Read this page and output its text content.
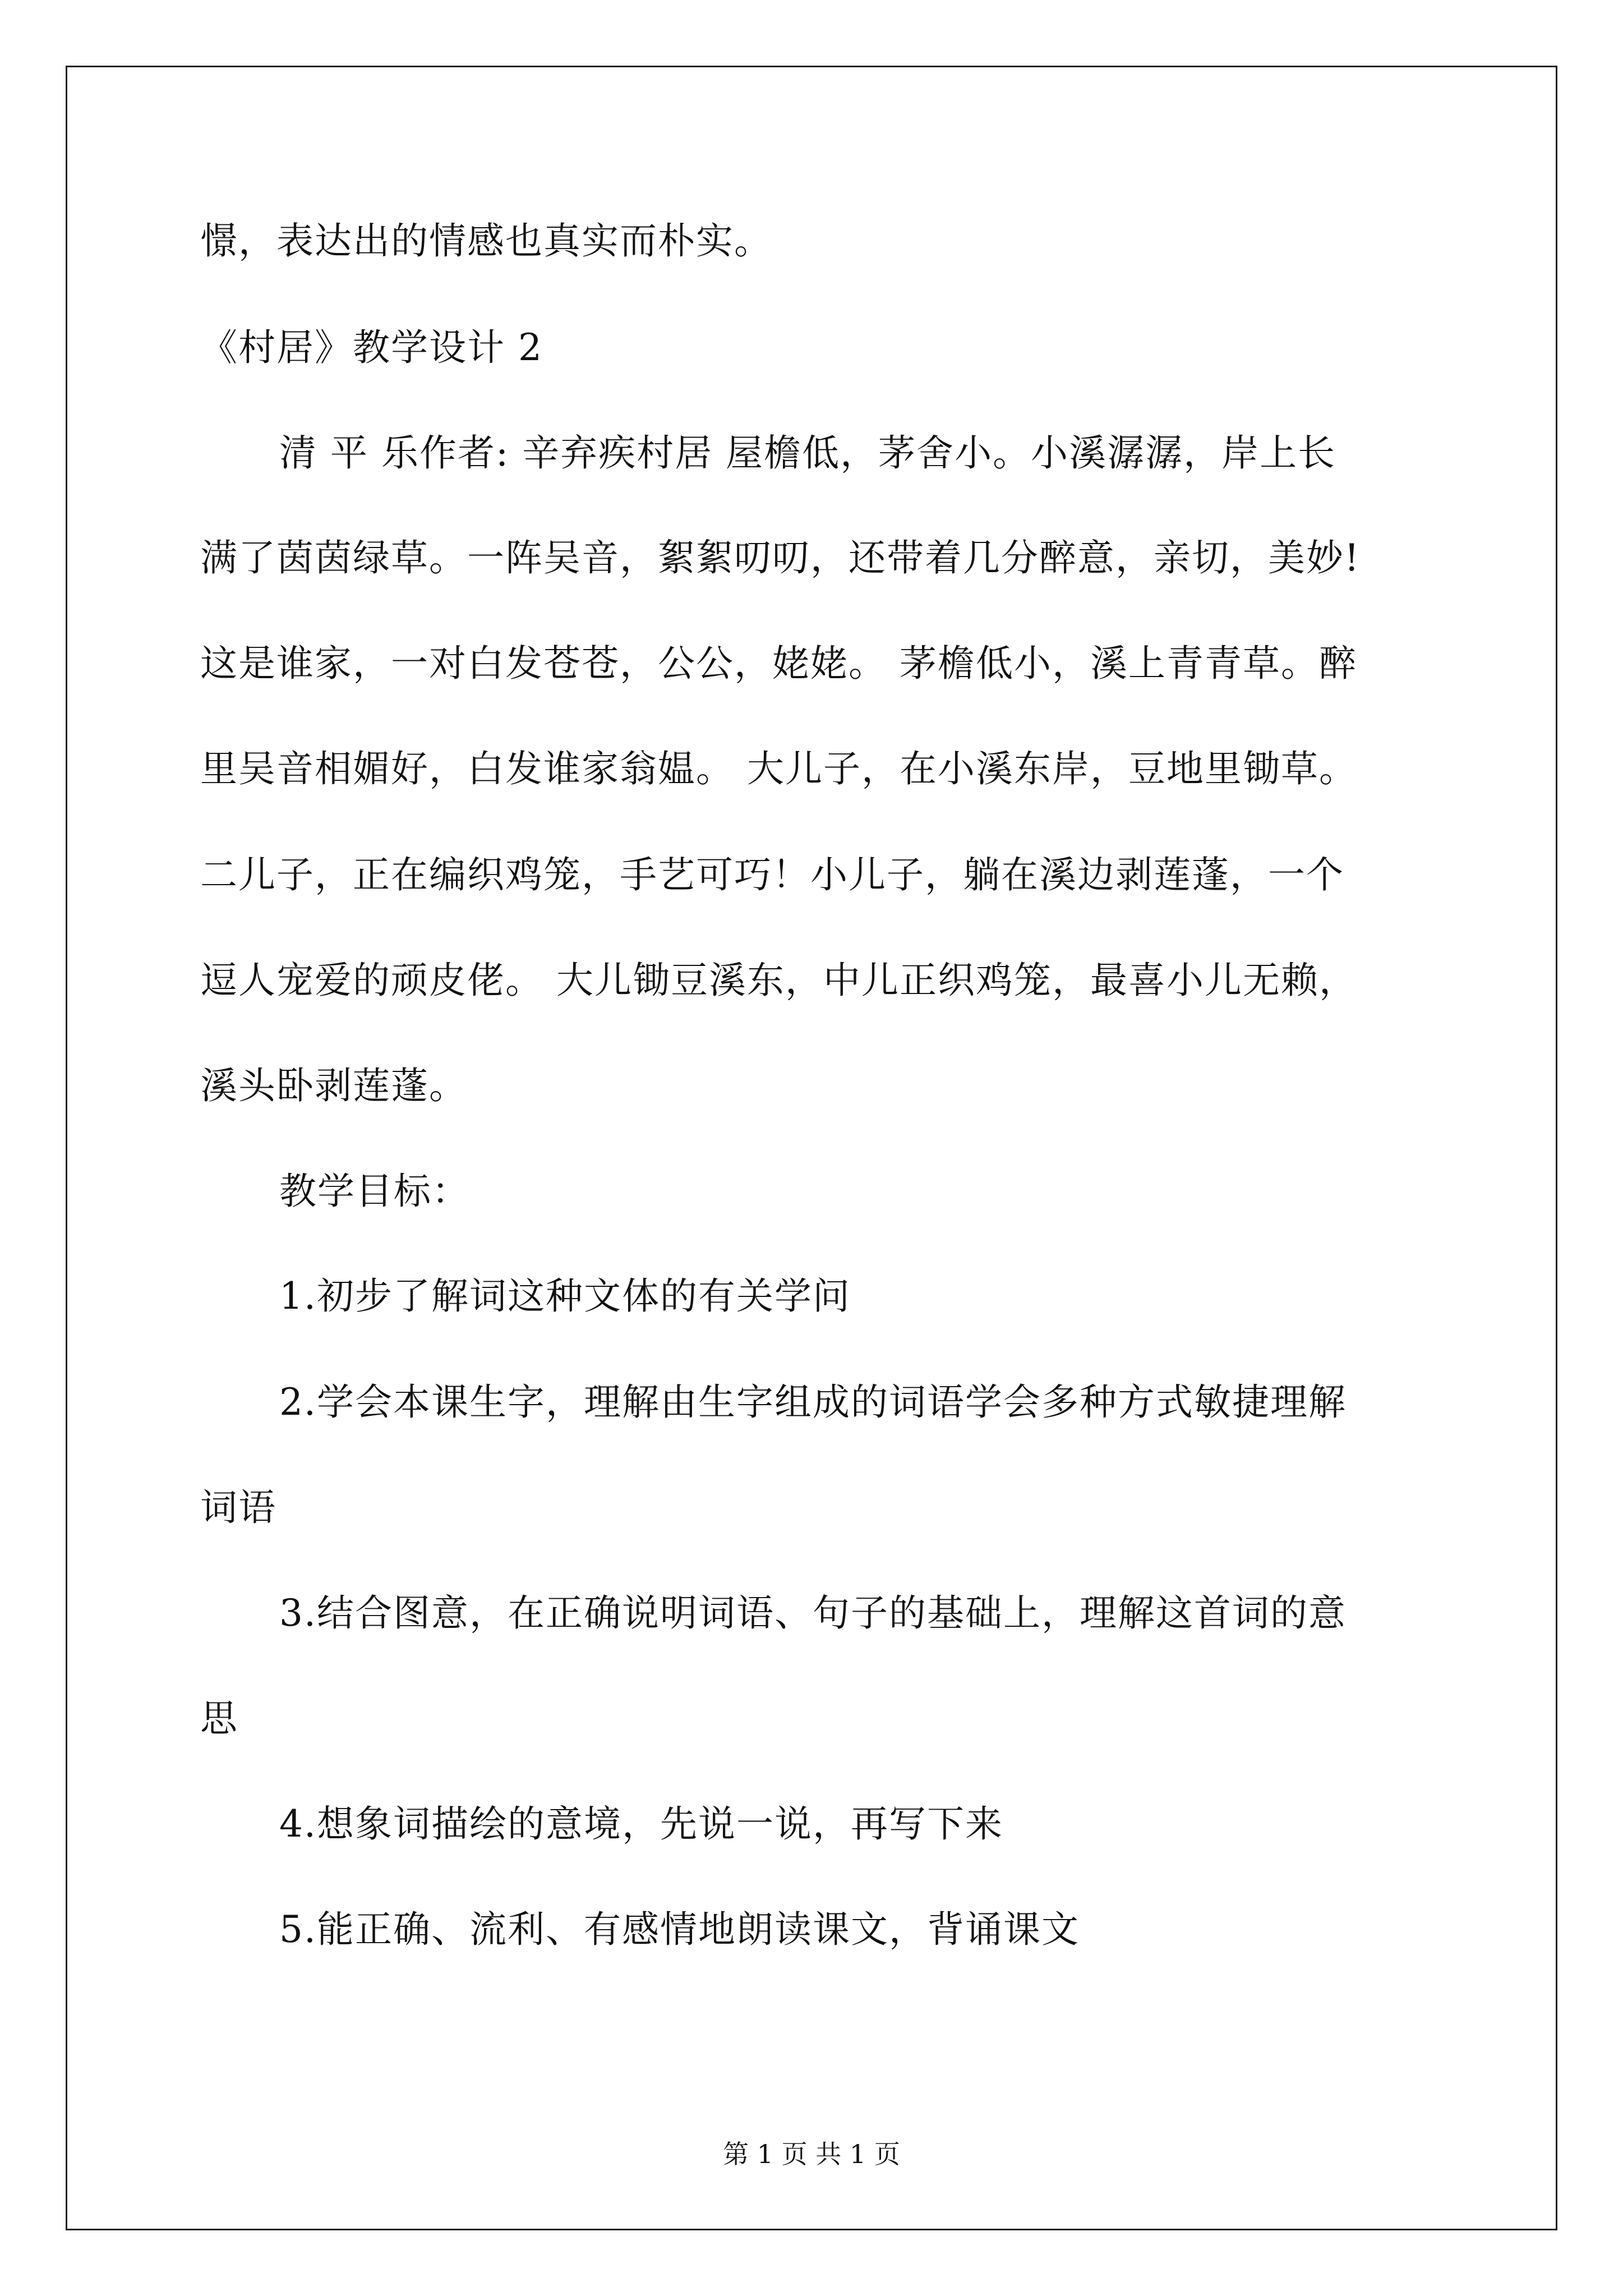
憬，表达出的情感也真实而朴实。
《村居》教学设计 2
清 平 乐作者: 辛弃疾村居 屋檐低，茅舍小。小溪潺潺，岸上长
满了茵茵绿草。一阵吴音，絮絮叨叨，还带着几分醉意，亲切，美妙!
这是谁家，一对白发苍苍，公公，姥姥。 茅檐低小，溪上青青草。醉
里吴音相媚好，白发谁家翁媪。 大儿子，在小溪东岸，豆地里锄草。
二儿子，正在编织鸡笼，手艺可巧！小儿子，躺在溪边剥莲蓬，一个
逗人宠爱的顽皮佬。 大儿锄豆溪东，中儿正织鸡笼，最喜小儿无赖，
溪头卧剥莲蓬。
教学目标：
1.初步了解词这种文体的有关学问
2.学会本课生字，理解由生字组成的词语学会多种方式敏捷理解
词语
3.结合图意，在正确说明词语、句子的基础上，理解这首词的意
思
4.想象词描绘的意境，先说一说，再写下来
5.能正确、流利、有感情地朗读课文，背诵课文
第 1 页 共 1 页
